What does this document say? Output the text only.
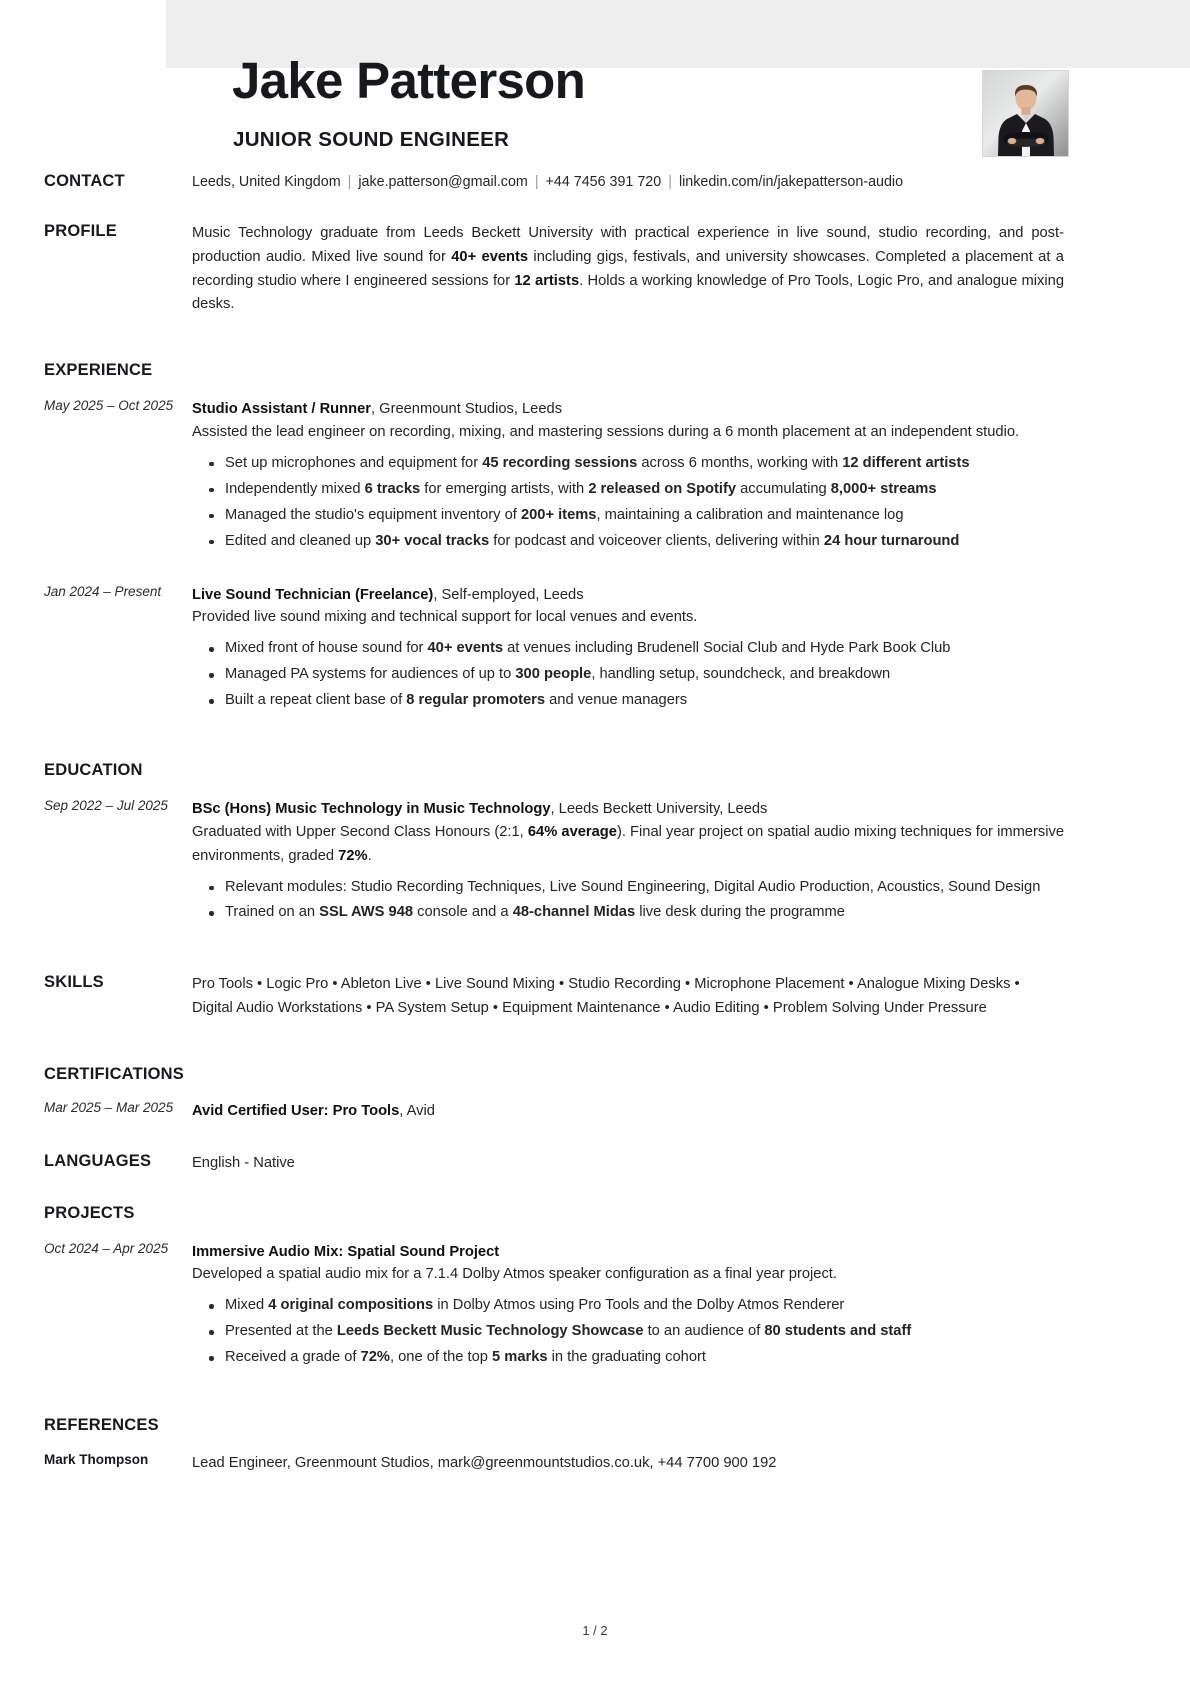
Jake Patterson
JUNIOR SOUND ENGINEER
CONTACT	Leeds, United Kingdom | jake.patterson@gmail.com | +44 7456 391 720 | linkedin.com/in/jakepatterson-audio
PROFILE	Music Technology graduate from Leeds Beckett University with practical experience in live sound, studio recording, and post-production audio. Mixed live sound for 40+ events including gigs, festivals, and university showcases. Completed a placement at a recording studio where I engineered sessions for 12 artists. Holds a working knowledge of Pro Tools, Logic Pro, and analogue mixing desks.
EXPERIENCE
May 2025 – Oct 2025	Studio Assistant / Runner, Greenmount Studios, Leeds
Assisted the lead engineer on recording, mixing, and mastering sessions during a 6 month placement at an independent studio.
Set up microphones and equipment for 45 recording sessions across 6 months, working with 12 different artists
Independently mixed 6 tracks for emerging artists, with 2 released on Spotify accumulating 8,000+ streams
Managed the studio's equipment inventory of 200+ items, maintaining a calibration and maintenance log
Edited and cleaned up 30+ vocal tracks for podcast and voiceover clients, delivering within 24 hour turnaround
Jan 2024 – Present	Live Sound Technician (Freelance), Self-employed, Leeds
Provided live sound mixing and technical support for local venues and events.
Mixed front of house sound for 40+ events at venues including Brudenell Social Club and Hyde Park Book Club
Managed PA systems for audiences of up to 300 people, handling setup, soundcheck, and breakdown
Built a repeat client base of 8 regular promoters and venue managers
EDUCATION
Sep 2022 – Jul 2025	BSc (Hons) Music Technology in Music Technology, Leeds Beckett University, Leeds
Graduated with Upper Second Class Honours (2:1, 64% average). Final year project on spatial audio mixing techniques for immersive environments, graded 72%.
Relevant modules: Studio Recording Techniques, Live Sound Engineering, Digital Audio Production, Acoustics, Sound Design
Trained on an SSL AWS 948 console and a 48-channel Midas live desk during the programme
SKILLS	Pro Tools • Logic Pro • Ableton Live • Live Sound Mixing • Studio Recording • Microphone Placement • Analogue Mixing Desks • Digital Audio Workstations • PA System Setup • Equipment Maintenance • Audio Editing • Problem Solving Under Pressure
CERTIFICATIONS
Mar 2025 – Mar 2025	Avid Certified User: Pro Tools, Avid
LANGUAGES	English - Native
PROJECTS
Oct 2024 – Apr 2025	Immersive Audio Mix: Spatial Sound Project
Developed a spatial audio mix for a 7.1.4 Dolby Atmos speaker configuration as a final year project.
Mixed 4 original compositions in Dolby Atmos using Pro Tools and the Dolby Atmos Renderer
Presented at the Leeds Beckett Music Technology Showcase to an audience of 80 students and staff
Received a grade of 72%, one of the top 5 marks in the graduating cohort
REFERENCES
Mark Thompson	Lead Engineer, Greenmount Studios, mark@greenmountstudios.co.uk, +44 7700 900 192
1 / 2
